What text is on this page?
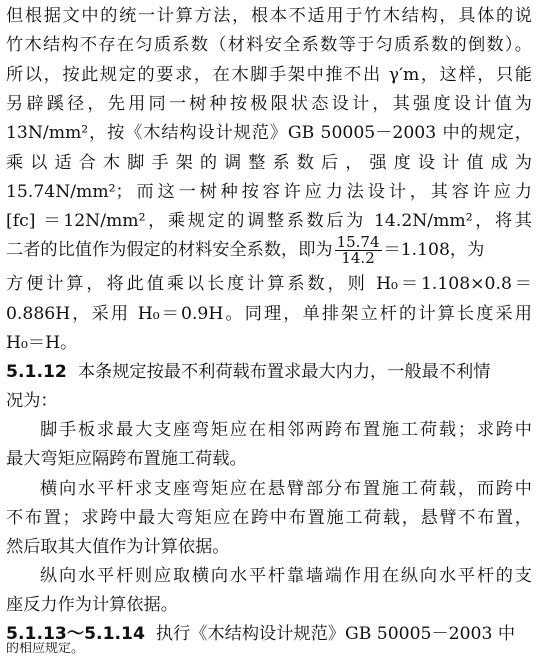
但根据文中的统一计算方法，根本不适用于竹木结构，具体的说
竹木结构不存在匀质系数（材料安全系数等于匀质系数的倒数）。
所以，按此规定的要求，在木脚手架中推不出 γ′m，这样，只能
另辟蹊径，先用同一树种按极限状态设计，其强度设计值为
13N/mm²，按《木结构设计规范》GB 50005－2003 中的规定，
乘以适合木脚手架的调整系数后，强度设计值成为
15.74N/mm²；而这一树种按容许应力法设计，其容许应力
[fc] ＝12N/mm²，乘规定的调整系数后为 14.2N/mm²，将其
二者的比值作为假定的材料安全系数，即为 $\frac{15.74}{14.2} =1.108$，为
方便计算，将此值乘以长度计算系数，则 H₀＝1.108×0.8＝
0.886H，采用 H₀＝0.9H。同理，单排架立杆的计算长度采用
H₀＝H。
5.1.12 本条规定按最不利荷载布置求最大内力，一般最不利情
况为：
脚手板求最大支座弯矩应在相邻两跨布置施工荷载；求跨中
最大弯矩应隔跨布置施工荷载。
横向水平杆求支座弯矩应在悬臂部分布置施工荷载，而跨中
不布置；求跨中最大弯矩应在跨中布置施工荷载，悬臂不布置，
然后取其大值作为计算依据。
纵向水平杆则应取横向水平杆靠墙端作用在纵向水平杆的支
座反力作为计算依据。
5.1.13～5.1.14 执行《木结构设计规范》GB 50005－2003 中
的相应规定。
